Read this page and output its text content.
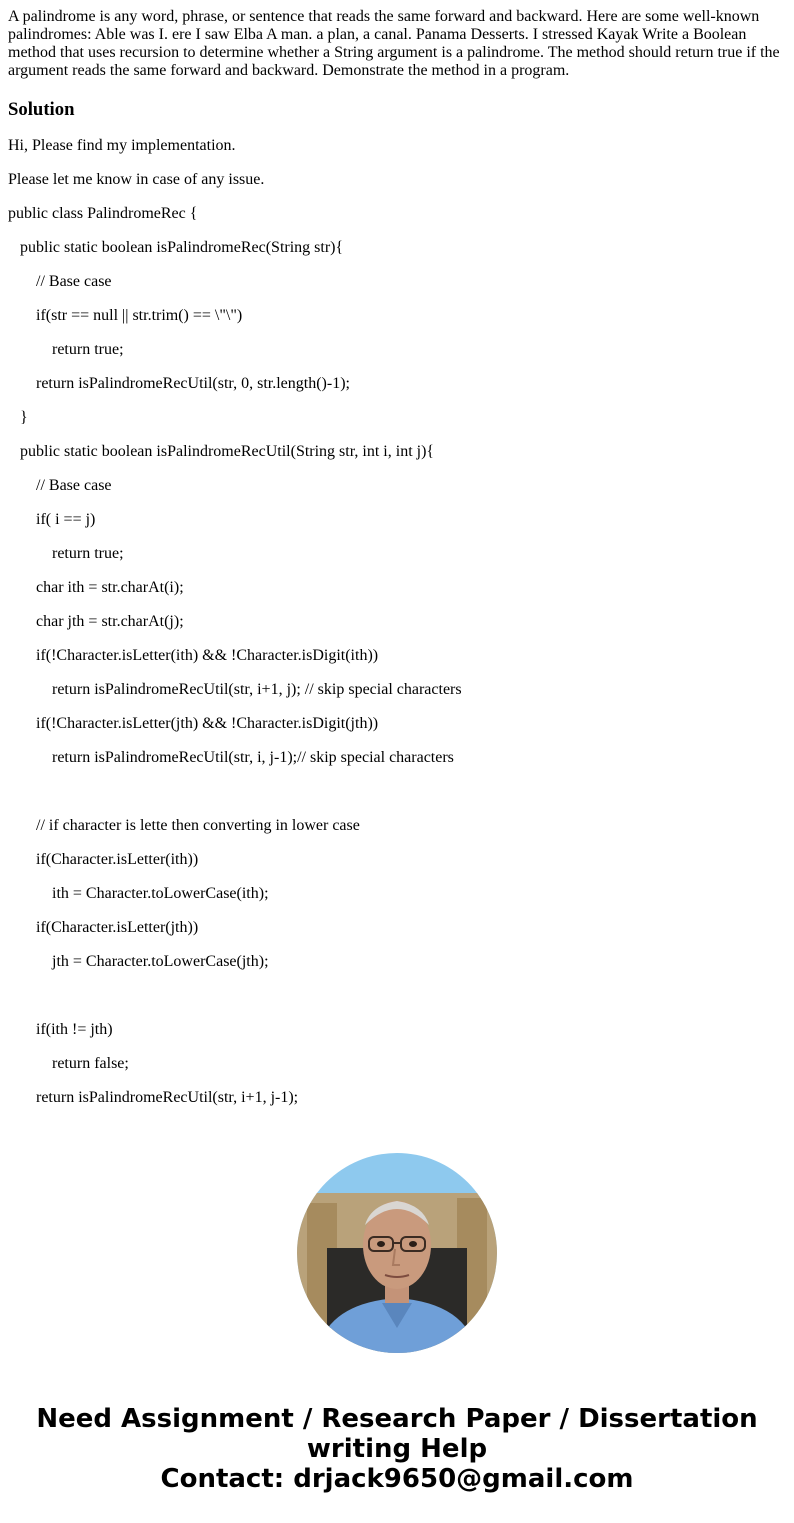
A palindrome is any word, phrase, or sentence that reads the same forward and backward. Here are some well-known palindromes: Able was I. ere I saw Elba A man. a plan, a canal. Panama Desserts. I stressed Kayak Write a Boolean method that uses recursion to determine whether a String argument is a palindrome. The method should return true if the argument reads the same forward and backward. Demonstrate the method in a program.

Solution

Hi, Please find my implementation.

Please let me know in case of any issue.

public class PalindromeRec {

public static boolean isPalindromeRec(String str){

// Base case

if(str == null || str.trim() == \"\")

return true;

return isPalindromeRecUtil(str, 0, str.length()-1);

}

public static boolean isPalindromeRecUtil(String str, int i, int j){

// Base case

if( i == j)

return true;

char ith = str.charAt(i);

char jth = str.charAt(j);

if(!Character.isLetter(ith) && !Character.isDigit(ith))

return isPalindromeRecUtil(str, i+1, j); // skip special characters

if(!Character.isLetter(jth) && !Character.isDigit(jth))

return isPalindromeRecUtil(str, i, j-1);// skip special characters

// if character is lette then converting in lower case

if(Character.isLetter(ith))

ith = Character.toLowerCase(ith);

if(Character.isLetter(jth))

jth = Character.toLowerCase(jth);

if(ith != jth)

return false;

return isPalindromeRecUtil(str, i+1, j-1);

Need Assignment / Research Paper / Dissertation
writing Help
Contact: drjack9650@gmail.com
